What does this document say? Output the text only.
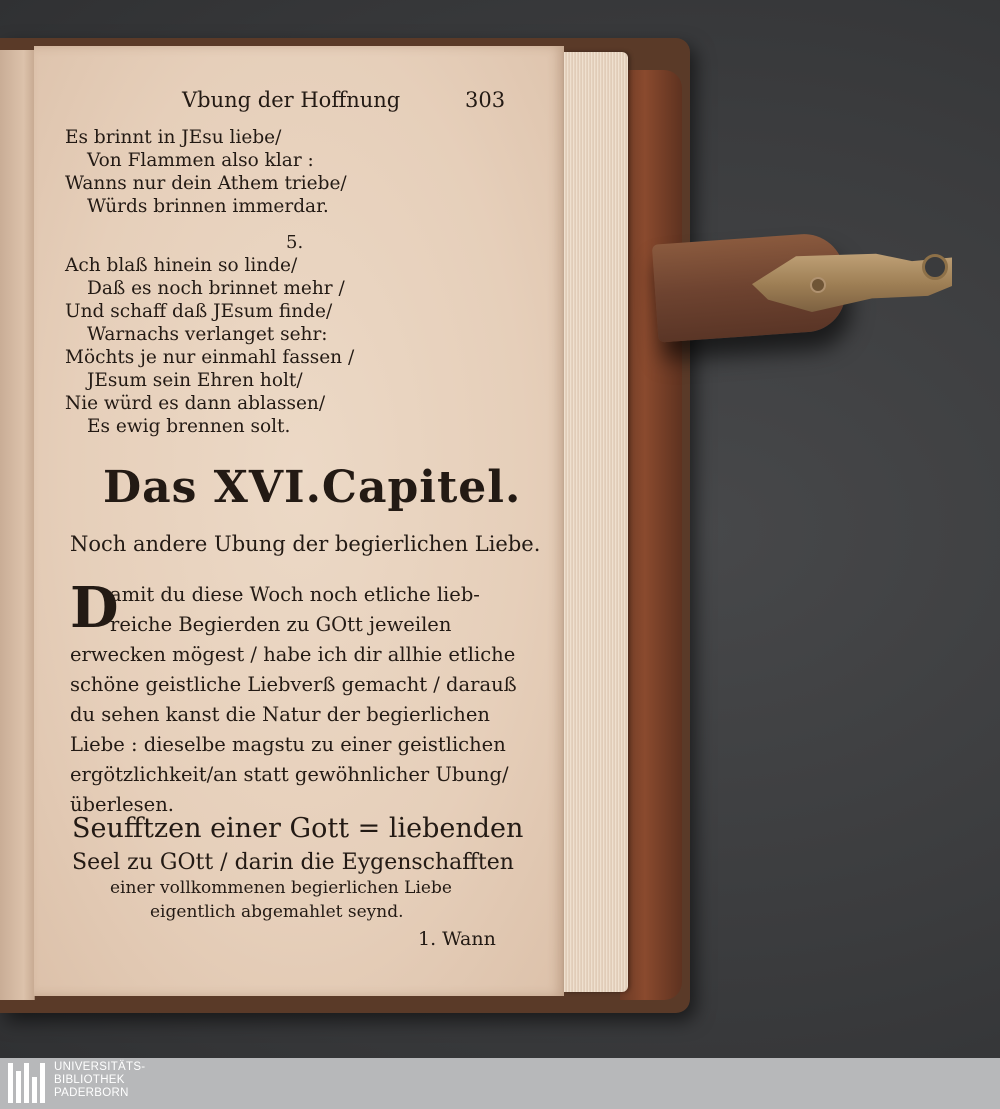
Vbung der Hoffnung	303
Es brinnt in JEsu liebe/
Von Flammen also klar :
Wanns nur dein Athem triebe/
Würds brinnen immerdar.
5.
Ach blaß hinein so linde/
Daß es noch brinnet mehr /
Und schaff daß JEsum finde/
Warnachs verlanget sehr:
Möchts je nur einmahl fassen /
JEsum sein Ehren holt/
Nie würd es dann ablassen/
Es ewig brennen solt.
Das XVI.Capitel.
Noch andere Ubung der begierlichen Liebe.
D
amit du diese Woch noch etliche lieb-
reiche Begierden zu GOtt jeweilen
erwecken mögest / habe ich dir allhie etliche
schöne geistliche Liebverß gemacht / darauß
du sehen kanst die Natur der begierlichen
Liebe : dieselbe magstu zu einer geistlichen
ergötzlichkeit/an statt gewöhnlicher Ubung/
überlesen.
Seufftzen einer Gott = liebenden
Seel zu GOtt / darin die Eygenschafften
einer vollkommenen begierlichen Liebe
eigentlich abgemahlet seynd.
1. Wann
UNIVERSITÄTS-
BIBLIOTHEK
PADERBORN
